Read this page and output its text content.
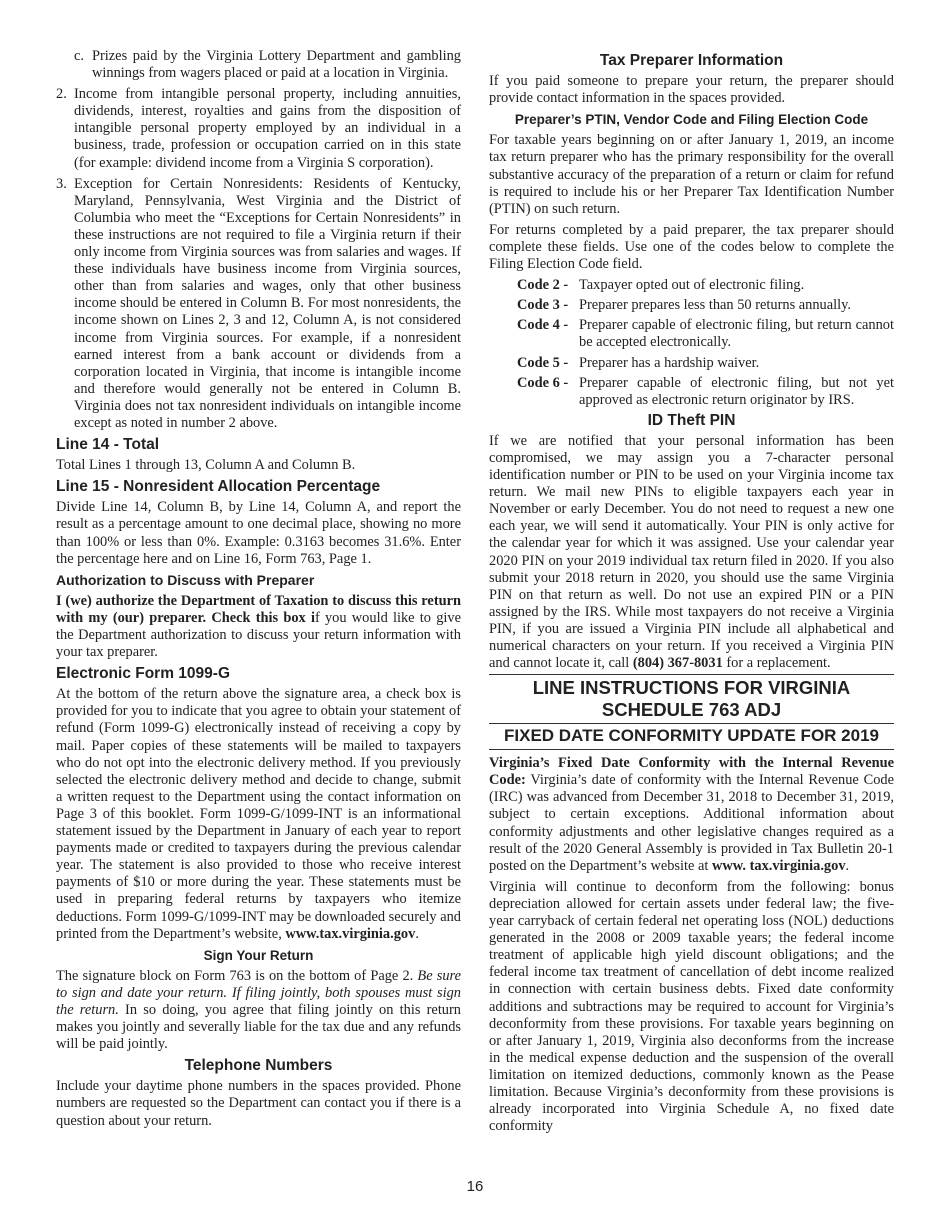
c. Prizes paid by the Virginia Lottery Department and gambling winnings from wagers placed or paid at a location in Virginia.
2. Income from intangible personal property, including annuities, dividends, interest, royalties and gains from the disposition of intangible personal property employed by an individual in a business, trade, profession or occupation carried on in this state (for example: dividend income from a Virginia S corporation).
3. Exception for Certain Nonresidents: Residents of Kentucky, Maryland, Pennsylvania, West Virginia and the District of Columbia who meet the “Exceptions for Certain Nonresidents” in these instructions are not required to file a Virginia return if their only income from Virginia sources was from salaries and wages. If these individuals have business income from Virginia sources, other than from salaries and wages, only that other business income should be entered in Column B. For most nonresidents, the income shown on Lines 2, 3 and 12, Column A, is not considered income from Virginia sources. For example, if a nonresident earned interest from a bank account or dividends from a corporation located in Virginia, that income is intangible income and therefore would generally not be entered in Column B. Virginia does not tax nonresident individuals on intangible income except as noted in number 2 above.
Line 14 - Total

Total Lines 1 through 13, Column A and Column B.

Line 15 - Nonresident Allocation Percentage

Divide Line 14, Column B, by Line 14, Column A, and report the result as a percentage amount to one decimal place, showing no more than 100% or less than 0%. Example: 0.3163 becomes 31.6%. Enter the percentage here and on Line 16, Form 763, Page 1.

Authorization to Discuss with Preparer

I (we) authorize the Department of Taxation to discuss this return with my (our) preparer. Check this box if you would like to give the Department authorization to discuss your return information with your tax preparer.

Electronic Form 1099-G

At the bottom of the return above the signature area, a check box is provided for you to indicate that you agree to obtain your statement of refund (Form 1099-G) electronically instead of receiving a copy by mail. Paper copies of these statements will be mailed to taxpayers who do not opt into the electronic delivery method. If you previously selected the electronic delivery method and decide to change, submit a written request to the Department using the contact information on Page 3 of this booklet. Form 1099-G/1099-INT is an informational statement issued by the Department in January of each year to report payments made or credited to taxpayers during the previous calendar year. The statement is also provided to those who receive interest payments of $10 or more during the year. These statements must be used in preparing federal returns by taxpayers who itemize deductions. Form 1099-G/1099-INT may be downloaded securely and printed from the Department’s website, www.tax.virginia.gov.

Sign Your Return

The signature block on Form 763 is on the bottom of Page 2. Be sure to sign and date your return. If filing jointly, both spouses must sign the return. In so doing, you agree that filing jointly on this return makes you jointly and severally liable for the tax due and any refunds will be paid jointly.

Telephone Numbers

Include your daytime phone numbers in the spaces provided. Phone numbers are requested so the Department can contact you if there is a question about your return.

Tax Preparer Information

If you paid someone to prepare your return, the preparer should provide contact information in the spaces provided.

Preparer’s PTIN, Vendor Code and Filing Election Code

For taxable years beginning on or after January 1, 2019, an income tax return preparer who has the primary responsibility for the overall substantive accuracy of the preparation of a return or claim for refund is required to include his or her Preparer Tax Identification Number (PTIN) on such return.

For returns completed by a paid preparer, the tax preparer should complete these fields. Use one of the codes below to complete the Filing Election Code field.

Code 2 - Taxpayer opted out of electronic filing.
Code 3 - Preparer prepares less than 50 returns annually.
Code 4 - Preparer capable of electronic filing, but return cannot be accepted electronically.
Code 5 - Preparer has a hardship waiver.
Code 6 - Preparer capable of electronic filing, but not yet approved as electronic return originator by IRS.
ID Theft PIN

If we are notified that your personal information has been compromised, we may assign you a 7-character personal identification number or PIN to be used on your Virginia income tax return. We mail new PINs to eligible taxpayers each year in November or early December. You do not need to request a new one each year, we will send it automatically. Your PIN is only active for the calendar year for which it was assigned. Use your calendar year 2020 PIN on your 2019 individual tax return filed in 2020. If you also submit your 2018 return in 2020, you should use the same Virginia PIN on that return as well. Do not use an expired PIN or a PIN assigned by the IRS. While most taxpayers do not receive a Virginia PIN, if you are issued a Virginia PIN include all alphabetical and numerical characters on your return. If you received a Virginia PIN and cannot locate it, call (804) 367-8031 for a replacement.

LINE INSTRUCTIONS FOR VIRGINIA
SCHEDULE 763 ADJ
FIXED DATE CONFORMITY UPDATE FOR 2019

Virginia’s Fixed Date Conformity with the Internal Revenue Code: Virginia’s date of conformity with the Internal Revenue Code (IRC) was advanced from December 31, 2018 to December 31, 2019, subject to certain exceptions. Additional information about conformity adjustments and other legislative changes required as a result of the 2020 General Assembly is provided in Tax Bulletin 20-1 posted on the Department’s website at www. tax.virginia.gov.

Virginia will continue to deconform from the following: bonus depreciation allowed for certain assets under federal law; the five-year carryback of certain federal net operating loss (NOL) deductions generated in the 2008 or 2009 taxable years; the federal income treatment of applicable high yield discount obligations; and the federal income tax treatment of cancellation of debt income realized in connection with certain business debts. Fixed date conformity additions and subtractions may be required to account for Virginia’s deconformity from these provisions. For taxable years beginning on or after January 1, 2019, Virginia also deconforms from the increase in the medical expense deduction and the suspension of the overall limitation on itemized deductions, commonly known as the Pease limitation. Because Virginia’s deconformity from these provisions is already incorporated into Virginia Schedule A, no fixed date conformity

16
